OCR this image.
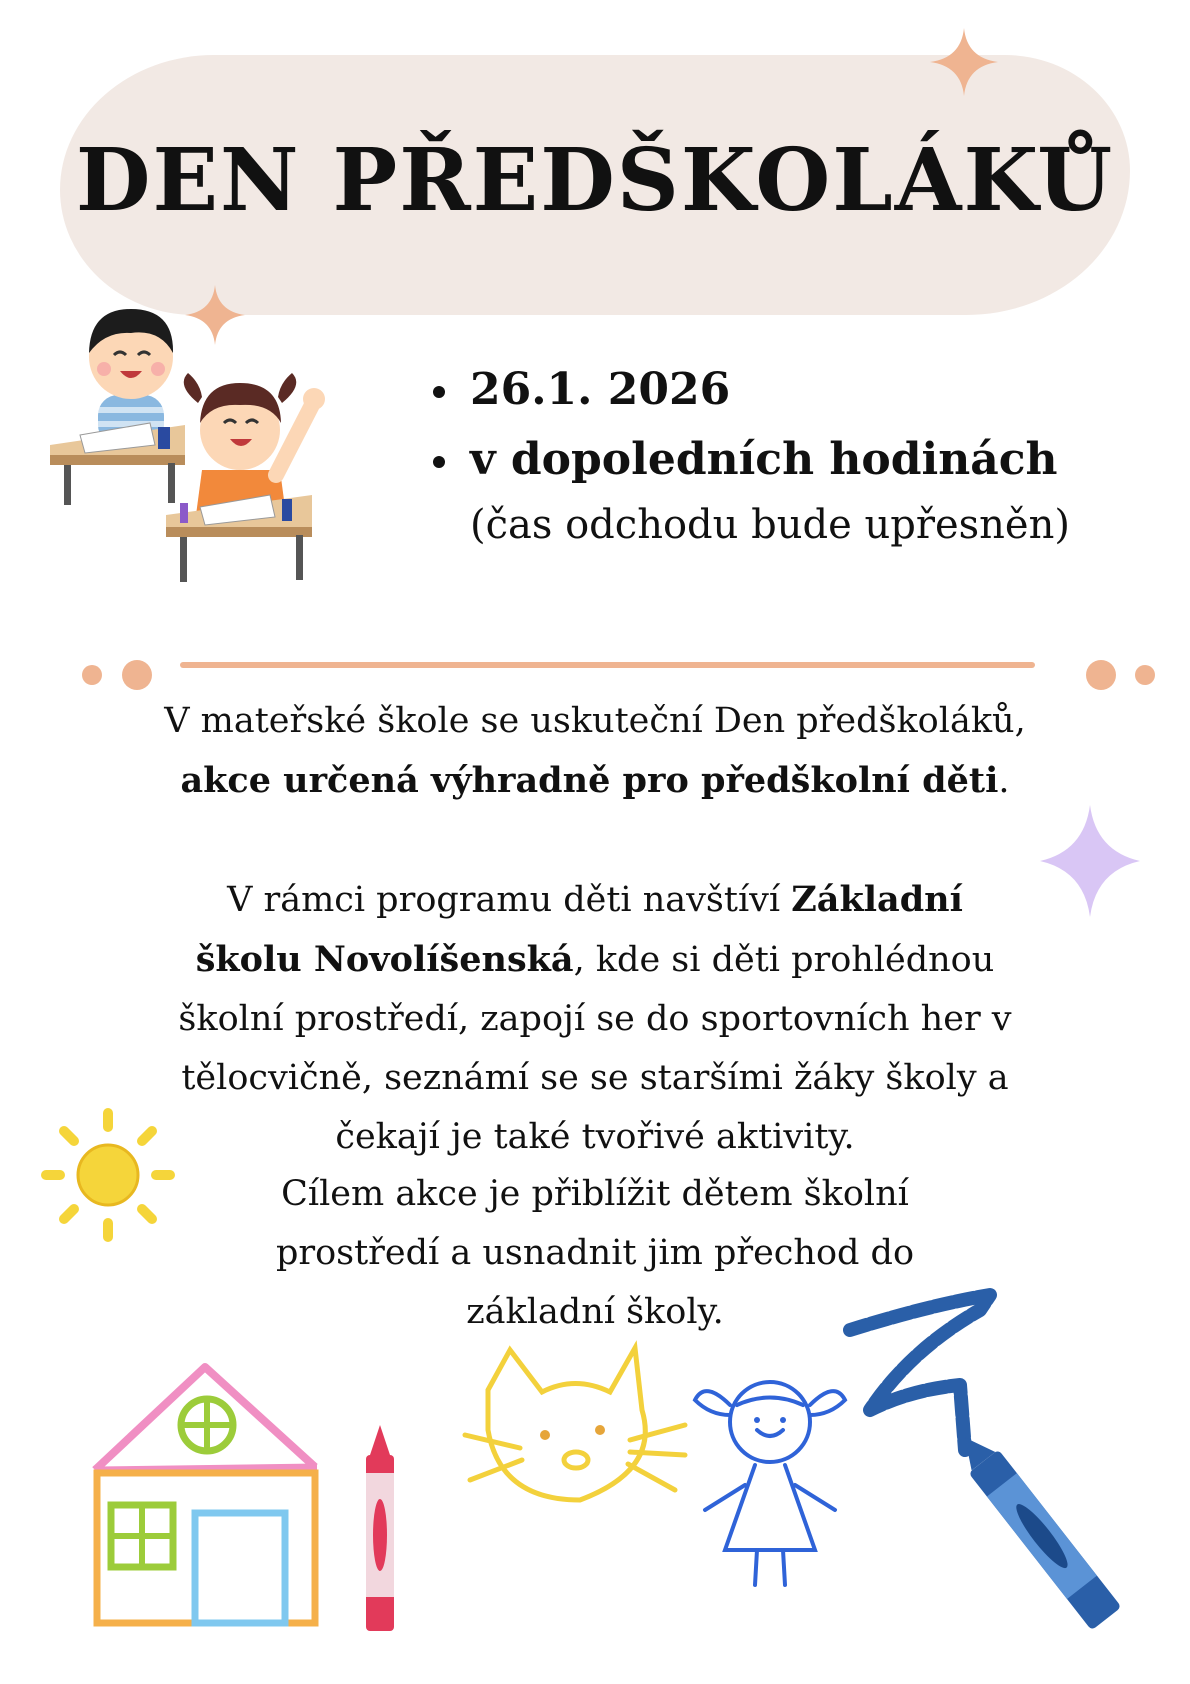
DEN PŘEDŠKOLÁKŮ
26.1. 2026
v dopoledních hodinách
(čas odchodu bude upřesněn)
V mateřské škole se uskuteční Den předškoláků, akce určená výhradně pro předškolní děti.
V rámci programu děti navštíví Základní školu Novolíšenská, kde si děti prohlédnou školní prostředí, zapojí se do sportovních her v tělocvičně, seznámí se se staršími žáky školy a čekají je také tvořivé aktivity.
Cílem akce je přiblížit dětem školní prostředí a usnadnit jim přechod do základní školy.
